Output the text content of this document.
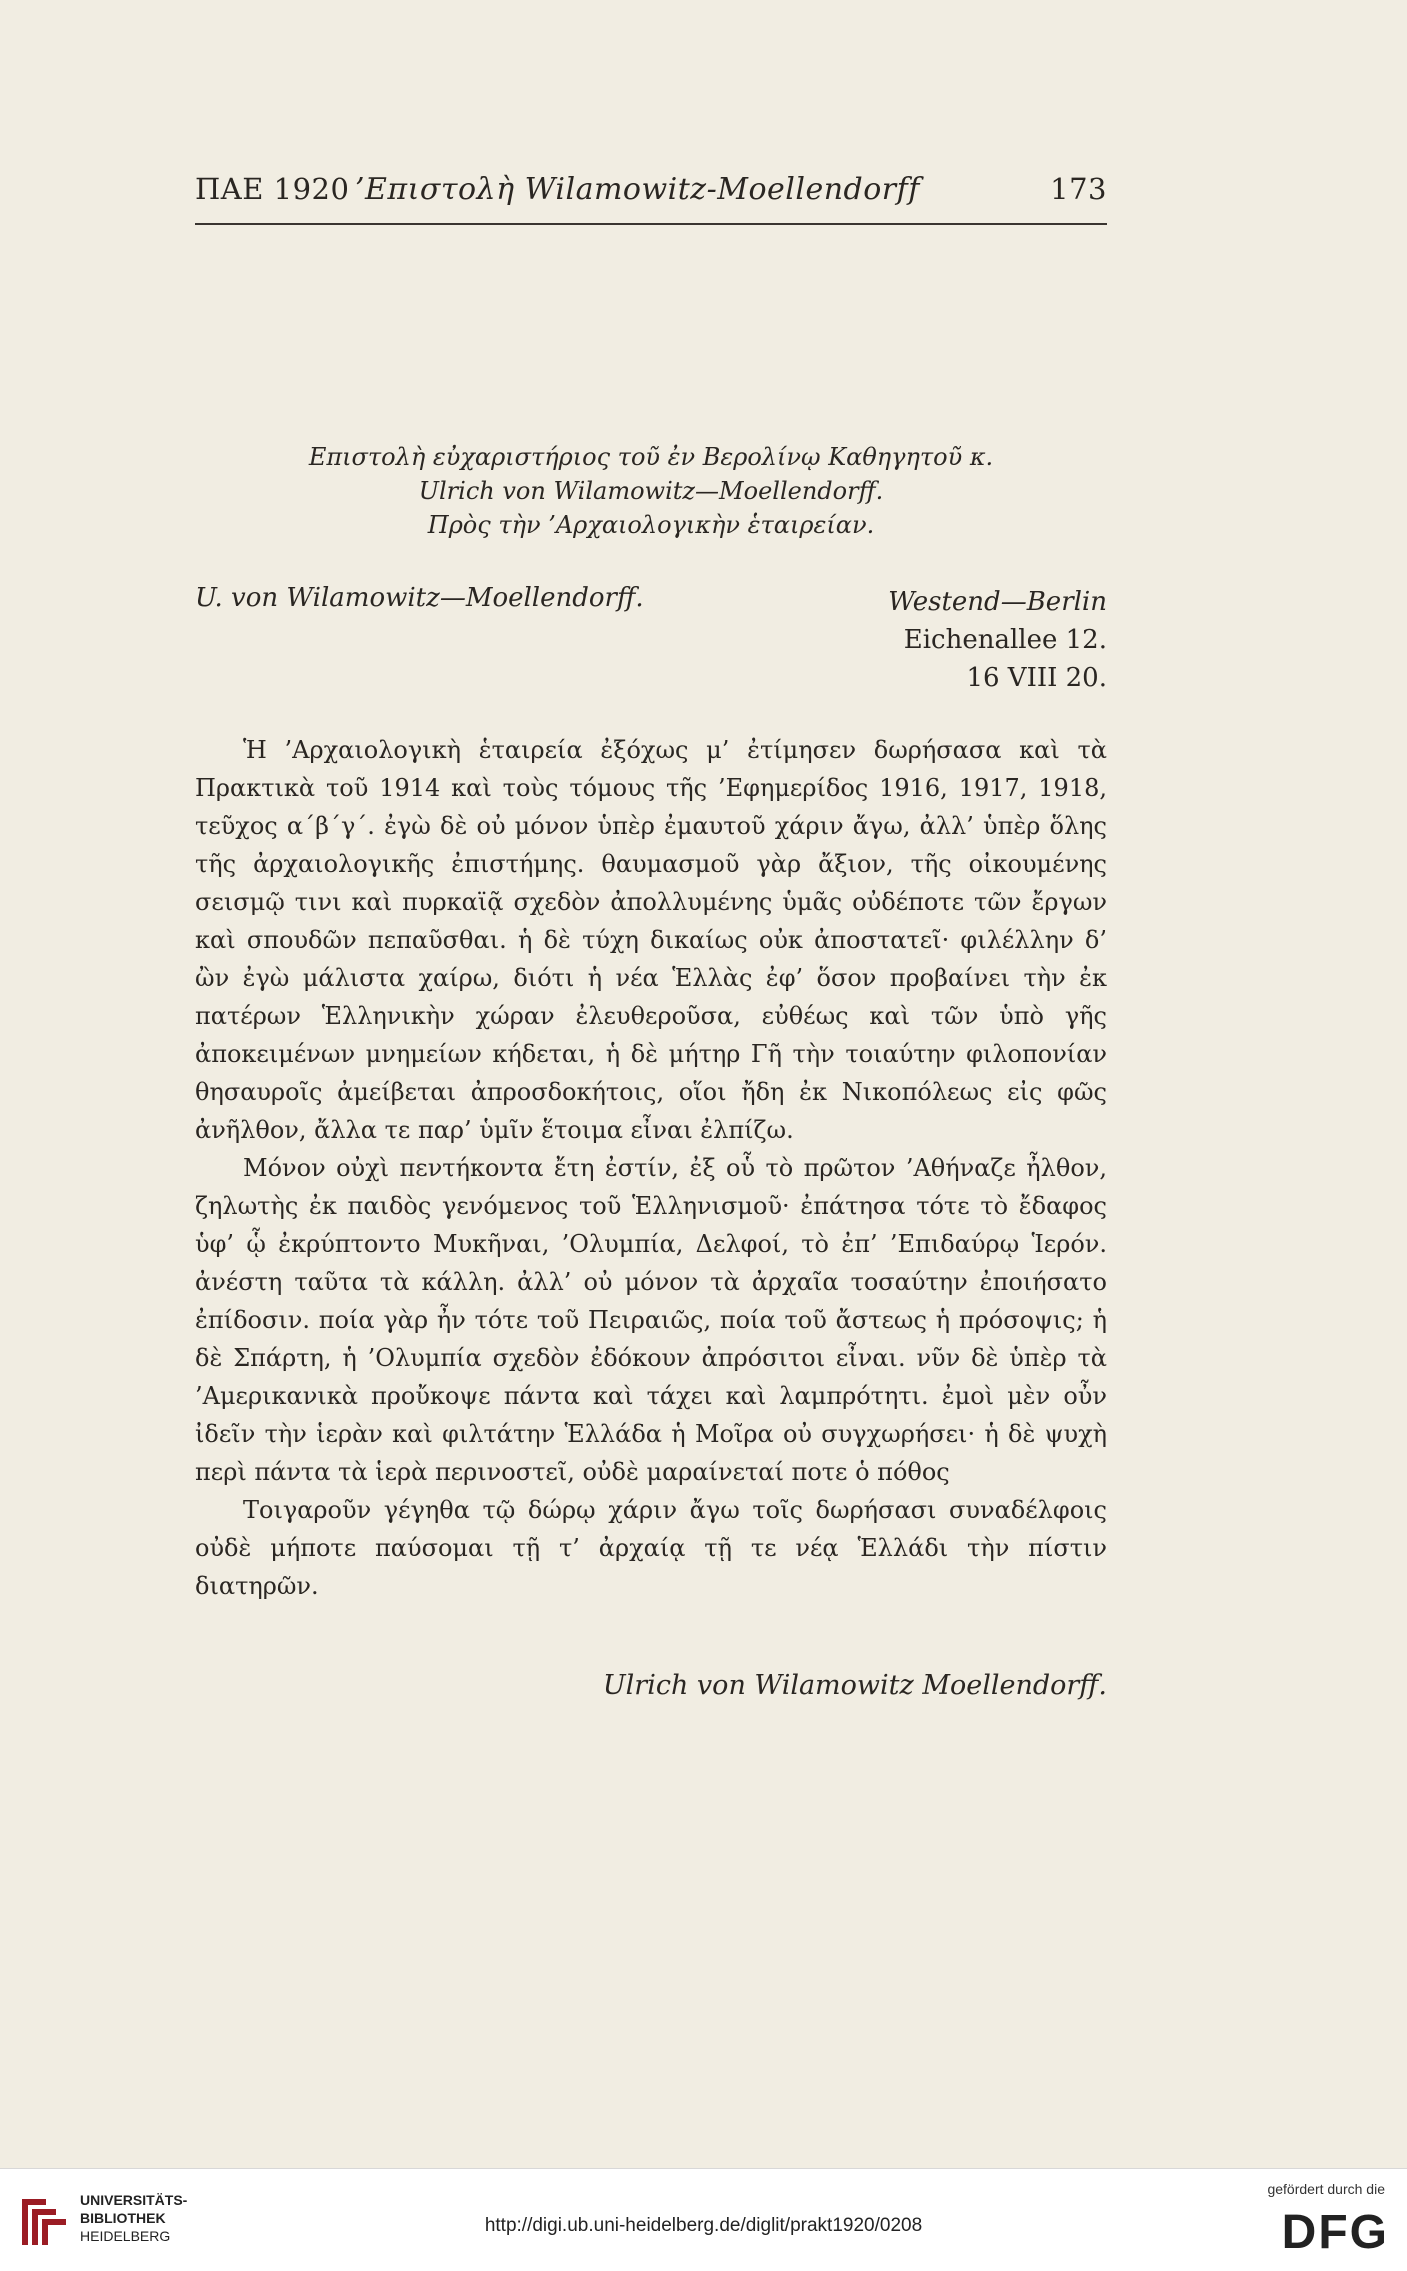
ΠΑΕ 1920 ’Επιστολὴ Wilamowitz-Moellendorff	173
Επιστολὴ εὐχαριστήριος τοῦ ἐν Βερολίνῳ Καθηγητοῦ κ.
Ulrich von Wilamowitz—Moellendorff.
Πρὸς τὴν ’Αρχαιολογικὴν ἑταιρείαν.
U. von Wilamowitz—Moellendorff.	Westend—Berlin
Eichenallee 12.
16 VIII 20.

Ἡ ’Αρχαιολογικὴ ἑταιρεία ἐξόχως μ’ ἐτίμησεν δωρήσασα καὶ τὰ Πρακτικὰ τοῦ 1914 καὶ τοὺς τόμους τῆς ’Εφημερίδος 1916, 1917, 1918, τεῦχος α΄β΄γ΄. ἐγὼ δὲ οὐ μόνον ὑπὲρ ἐμαυτοῦ χάριν ἄγω, ἀλλ’ ὑπὲρ ὅλης τῆς ἀρχαιολογικῆς ἐπιστήμης. θαυμασμοῦ γὰρ ἄξιον, τῆς οἰκουμένης σεισμῷ τινι καὶ πυρκαϊᾷ σχεδὸν ἀπολλυμένης ὑμᾶς οὐδέποτε τῶν ἔργων καὶ σπουδῶν πεπαῦσθαι. ἡ δὲ τύχη δικαίως οὐκ ἀποστατεῖ· φιλέλλην δ’ ὢν ἐγὼ μάλιστα χαίρω, διότι ἡ νέα Ἑλλὰς ἐφ’ ὅσον προβαίνει τὴν ἐκ πατέρων Ἑλληνικὴν χώραν ἐλευθεροῦσα, εὐθέως καὶ τῶν ὑπὸ γῆς ἀποκειμένων μνημείων κήδεται, ἡ δὲ μήτηρ Γῆ τὴν τοιαύτην φιλοπονίαν θησαυροῖς ἀμείβεται ἀπροσδοκήτοις, οἵοι ἤδη ἐκ Νικοπόλεως εἰς φῶς ἀνῆλθον, ἄλλα τε παρ’ ὑμῖν ἕτοιμα εἶναι ἐλπίζω.

Μόνον οὐχὶ πεντήκοντα ἔτη ἐστίν, ἐξ οὗ τὸ πρῶτον ’Αθήναζε ἦλθον, ζηλωτὴς ἐκ παιδὸς γενόμενος τοῦ Ἑλληνισμοῦ· ἐπάτησα τότε τὸ ἔδαφος ὑφ’ ᾧ ἐκρύπτοντο Μυκῆναι, ’Ολυμπία, Δελφοί, τὸ ἐπ’ ’Επιδαύρῳ Ἱερόν. ἀνέστη ταῦτα τὰ κάλλη. ἀλλ’ οὐ μόνον τὰ ἀρχαῖα τοσαύτην ἐποιήσατο ἐπίδοσιν. ποία γὰρ ἦν τότε τοῦ Πειραιῶς, ποία τοῦ ἄστεως ἡ πρόσοψις; ἡ δὲ Σπάρτη, ἡ ’Ολυμπία σχεδὸν ἐδόκουν ἀπρόσιτοι εἶναι. νῦν δὲ ὑπὲρ τὰ ’Αμερικανικὰ προὔκοψε πάντα καὶ τάχει καὶ λαμπρότητι. ἐμοὶ μὲν οὖν ἰδεῖν τὴν ἱερὰν καὶ φιλτάτην Ἑλλάδα ἡ Μοῖρα οὐ συγχωρήσει· ἡ δὲ ψυχὴ περὶ πάντα τὰ ἱερὰ περινοστεῖ, οὐδὲ μαραίνεταί ποτε ὁ πόθος

Τοιγαροῦν γέγηθα τῷ δώρῳ χάριν ἄγω τοῖς δωρήσασι συναδέλφοις οὐδὲ μήποτε παύσομαι τῇ τ’ ἀρχαίᾳ τῇ τε νέᾳ Ἑλλάδι τὴν πίστιν διατηρῶν.

Ulrich von Wilamowitz Moellendorff.
UNIVERSITÄTS-
BIBLIOTHEK
HEIDELBERG	http://digi.ub.uni-heidelberg.de/diglit/prakt1920/0208
gefördert durch die
DFG
